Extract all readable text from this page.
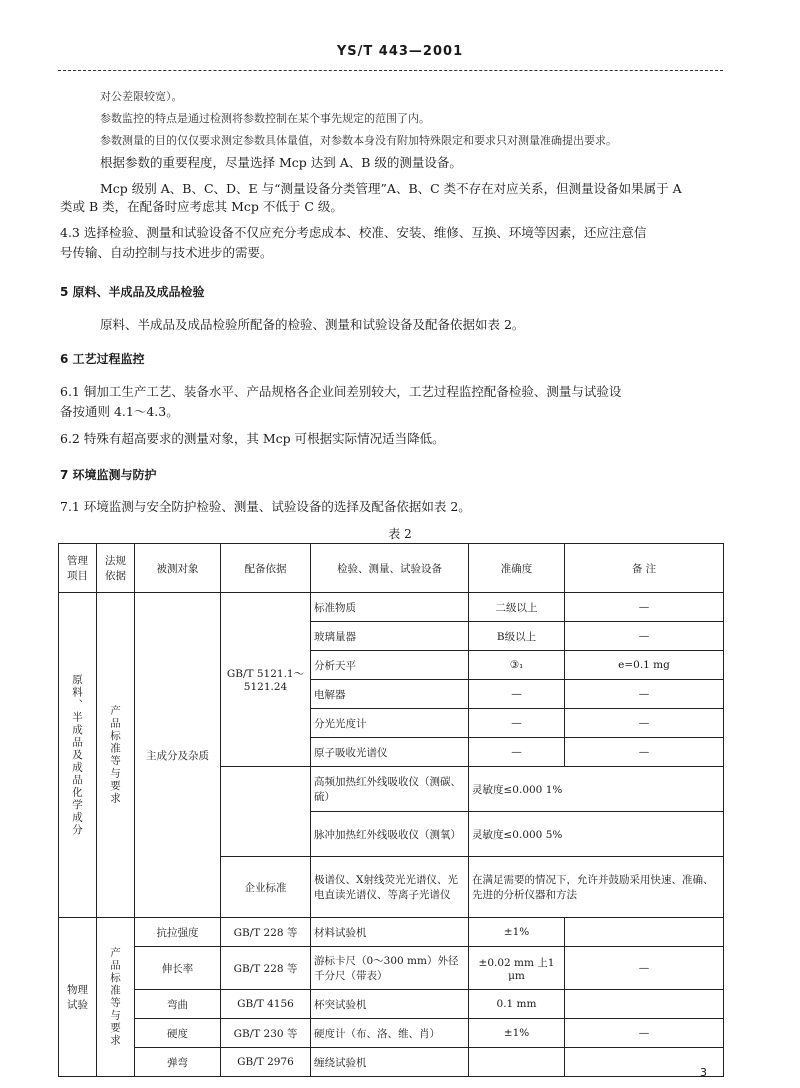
YS/T 443—2001
对公差限较宽）。
参数监控的特点是通过检测将参数控制在某个事先规定的范围了内。
参数测量的目的仅仅要求测定参数具体量值，对参数本身没有附加特殊限定和要求只对测量准确提出要求。
根据参数的重要程度，尽量选择 Mcp 达到 A、B 级的测量设备。
Mcp 级别 A、B、C、D、E 与“测量设备分类管理”A、B、C 类不存在对应关系，但测量设备如果属于 A
类或 B 类，在配备时应考虑其 Mcp 不低于 C 级。
4.3 选择检验、测量和试验设备不仅应充分考虑成本、校准、安装、维修、互换、环境等因素，还应注意信
号传输、自动控制与技术进步的需要。
5 原料、半成品及成品检验
原料、半成品及成品检验所配备的检验、测量和试验设备及配备依据如表 2。
6 工艺过程监控
6.1 铜加工生产工艺、装备水平、产品规格各企业间差别较大，工艺过程监控配备检验、测量与试验设
备按通则 4.1～4.3。
6.2 特殊有超高要求的测量对象，其 Mcp 可根据实际情况适当降低。
7 环境监测与防护
7.1 环境监测与安全防护检验、测量、试验设备的选择及配备依据如表 2。
表 2
管理项目	法规依据	被测对象	配备依据	检验、测量、试验设备	准确度	备 注

原料、半成品及成品化学成分	产品标准等与要求	主成分及杂质	GB/T 5121.1～5121.24	标准物质	二级以上	—
				玻璃量器	B级以上	—
				分析天平	③₁	e=0.1 mg
				电解器	—	—
				分光光度计	—	—
				原子吸收光谱仪	—	—
				高频加热红外线吸收仪（测碳、硫）	灵敏度≤0.000 1%	
				脉冲加热红外线吸收仪（测氧）	灵敏度≤0.000 5%	
			企业标准	极谱仪、X射线荧光光谱仪、光电直读光谱仪、等离子光谱仪	在满足需要的情况下，允许并鼓励采用快速、准确、先进的分析仪器和方法	
物理试验	产品标准等与要求	抗拉强度	GB/T 228 等	材料试验机	±1%	
		伸长率	GB/T 228 等	游标卡尺（0～300 mm）外径千分尺（带表）	±0.02 mm 上1 μm	—
		弯曲	GB/T 4156	杯突试验机	0.1 mm	
		硬度	GB/T 230 等	硬度计（布、洛、维、肖）	±1%	—
		弹弯	GB/T 2976	缠绕试验机		
3
